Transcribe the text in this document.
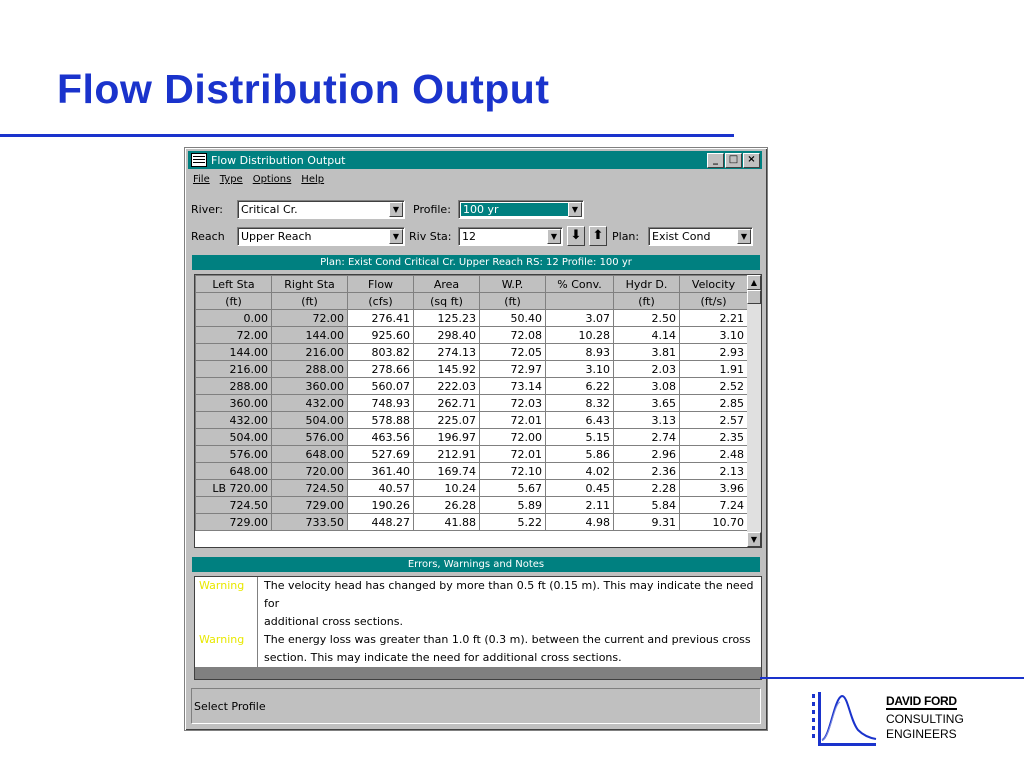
Flow Distribution Output
Flow Distribution Output	_	□ ×
File Type Options Help
River: Critical Cr.	▼	Profile: 100 yr	▼
Reach Upper Reach	▼ Riv Sta: 12	▼	⬇ ⬆ Plan: Exist Cond	▼
Plan: Exist Cond Critical Cr. Upper Reach RS: 12 Profile: 100 yr
Left Sta	Right Sta	Flow	Area	W.P.	% Conv.	Hydr D.	Velocity
(ft)	(ft)	(cfs)	(sq ft)	(ft)		(ft)	(ft/s)
0.00	72.00	276.41	125.23	50.40	3.07	2.50	2.21
72.00	144.00	925.60	298.40	72.08	10.28	4.14	3.10
144.00	216.00	803.82	274.13	72.05	8.93	3.81	2.93
216.00	288.00	278.66	145.92	72.97	3.10	2.03	1.91
288.00	360.00	560.07	222.03	73.14	6.22	3.08	2.52
360.00	432.00	748.93	262.71	72.03	8.32	3.65	2.85
432.00	504.00	578.88	225.07	72.01	6.43	3.13	2.57
504.00	576.00	463.56	196.97	72.00	5.15	2.74	2.35
576.00	648.00	527.69	212.91	72.01	5.86	2.96	2.48
648.00	720.00	361.40	169.74	72.10	4.02	2.36	2.13
LB 720.00	724.50	40.57	10.24	5.67	0.45	2.28	3.96
724.50	729.00	190.26	26.28	5.89	2.11	5.84	7.24
729.00	733.50	448.27	41.88	5.22	4.98	9.31	10.70
▲
▼
Errors, Warnings and Notes
Warning	The velocity head has changed by more than 0.5 ft (0.15 m). This may indicate the need for
additional cross sections.
Warning	The energy loss was greater than 1.0 ft (0.3 m). between the current and previous cross
section. This may indicate the need for additional cross sections.
Select Profile	DAVID FORD
CONSULTING
ENGINEERS
